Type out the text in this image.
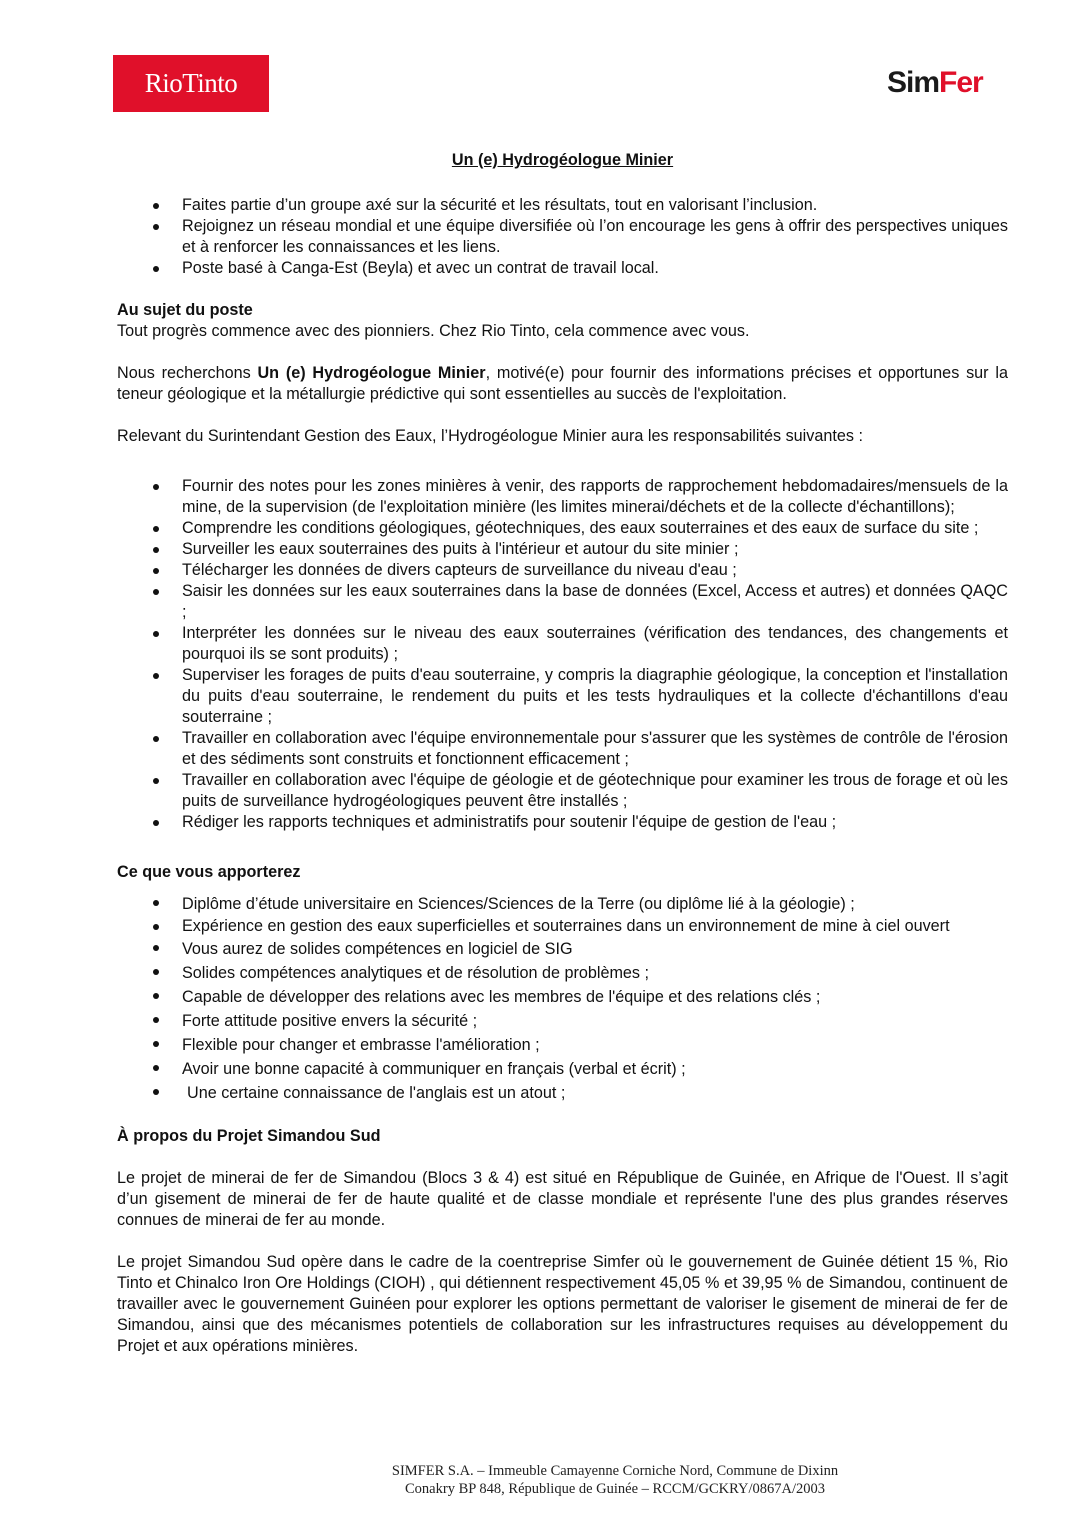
RioTinto	SimFer
Un (e) Hydrogéologue Minier
Faites partie d’un groupe axé sur la sécurité et les résultats, tout en valorisant l’inclusion.
Rejoignez un réseau mondial et une équipe diversifiée où l’on encourage les gens à offrir des perspectives uniques et à renforcer les connaissances et les liens.
Poste basé à Canga-Est (Beyla) et avec un contrat de travail local.
Au sujet du poste

Tout progrès commence avec des pionniers. Chez Rio Tinto, cela commence avec vous.

Nous recherchons Un (e) Hydrogéologue Minier, motivé(e) pour fournir des informations précises et opportunes sur la teneur géologique et la métallurgie prédictive qui sont essentielles au succès de l'exploitation.

Relevant du Surintendant Gestion des Eaux, l’Hydrogéologue Minier aura les responsabilités suivantes :

Fournir des notes pour les zones minières à venir, des rapports de rapprochement hebdomadaires/mensuels de la mine, de la supervision (de l'exploitation minière (les limites minerai/déchets et de la collecte d'échantillons);
Comprendre les conditions géologiques, géotechniques, des eaux souterraines et des eaux de surface du site ;
Surveiller les eaux souterraines des puits à l'intérieur et autour du site minier ;
Télécharger les données de divers capteurs de surveillance du niveau d'eau ;
Saisir les données sur les eaux souterraines dans la base de données (Excel, Access et autres) et données QAQC ;
Interpréter les données sur le niveau des eaux souterraines (vérification des tendances, des changements et pourquoi ils se sont produits) ;
Superviser les forages de puits d'eau souterraine, y compris la diagraphie géologique, la conception et l'installation du puits d'eau souterraine, le rendement du puits et les tests hydrauliques et la collecte d'échantillons d'eau souterraine ;
Travailler en collaboration avec l'équipe environnementale pour s'assurer que les systèmes de contrôle de l'érosion et des sédiments sont construits et fonctionnent efficacement ;
Travailler en collaboration avec l'équipe de géologie et de géotechnique pour examiner les trous de forage et où les puits de surveillance hydrogéologiques peuvent être installés ;
Rédiger les rapports techniques et administratifs pour soutenir l'équipe de gestion de l'eau ;
Ce que vous apporterez
Diplôme d’étude universitaire en Sciences/Sciences de la Terre (ou diplôme lié à la géologie) ;
Expérience en gestion des eaux superficielles et souterraines dans un environnement de mine à ciel ouvert
Vous aurez de solides compétences en logiciel de SIG
Solides compétences analytiques et de résolution de problèmes ;
Capable de développer des relations avec les membres de l'équipe et des relations clés ;
Forte attitude positive envers la sécurité ;
Flexible pour changer et embrasse l'amélioration ;
Avoir une bonne capacité à communiquer en français (verbal et écrit) ;
Une certaine connaissance de l'anglais est un atout ;
À propos du Projet Simandou Sud

Le projet de minerai de fer de Simandou (Blocs 3 & 4) est situé en République de Guinée, en Afrique de l'Ouest. Il s’agit d’un gisement de minerai de fer de haute qualité et de classe mondiale et représente l'une des plus grandes réserves connues de minerai de fer au monde.

Le projet Simandou Sud opère dans le cadre de la coentreprise Simfer où le gouvernement de Guinée détient 15 %, Rio Tinto et Chinalco Iron Ore Holdings (CIOH) , qui détiennent respectivement 45,05 % et 39,95 % de Simandou, continuent de travailler avec le gouvernement Guinéen pour explorer les options permettant de valoriser le gisement de minerai de fer de Simandou, ainsi que des mécanismes potentiels de collaboration sur les infrastructures requises au développement du Projet et aux opérations minières.

SIMFER S.A. – Immeuble Camayenne Corniche Nord, Commune de Dixinn
Conakry BP 848, République de Guinée – RCCM/GCKRY/0867A/2003
